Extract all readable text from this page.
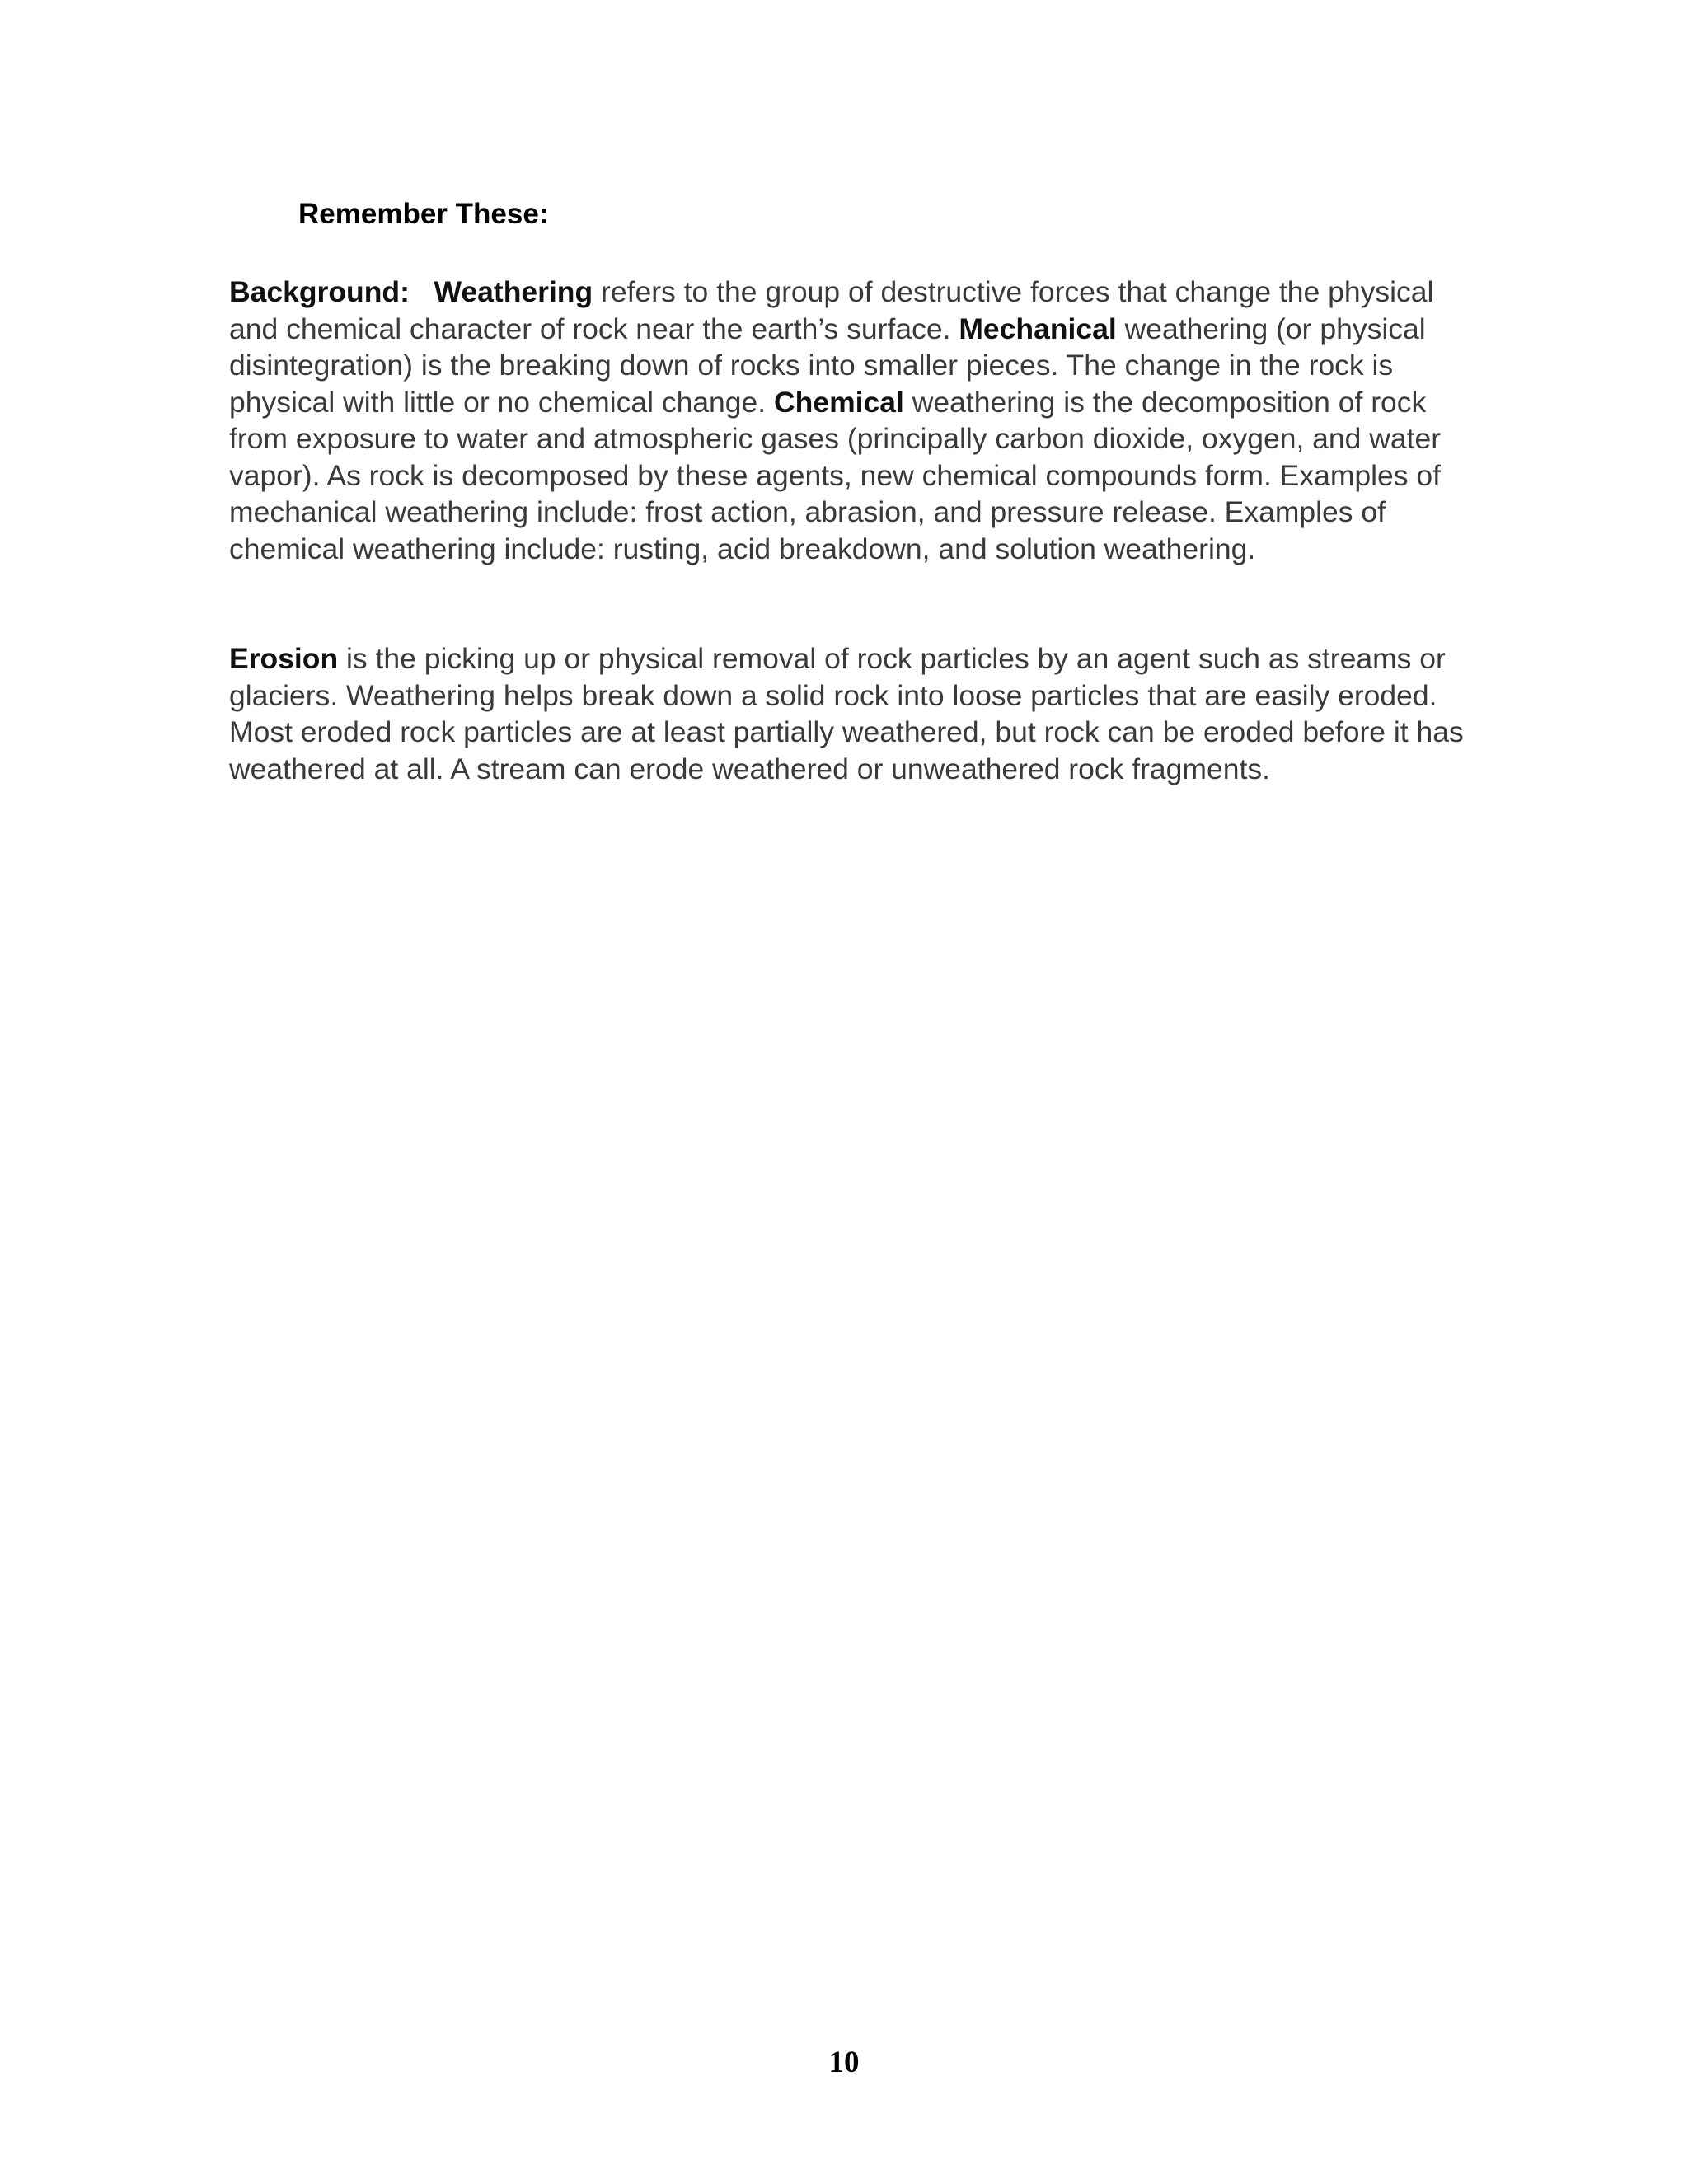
Remember These:

Background: Weathering refers to the group of destructive forces that change the physical and chemical character of rock near the earth’s surface. Mechanical weathering (or physical disintegration) is the breaking down of rocks into smaller pieces. The change in the rock is physical with little or no chemical change. Chemical weathering is the decomposition of rock from exposure to water and atmospheric gases (principally carbon dioxide, oxygen, and water vapor). As rock is decomposed by these agents, new chemical compounds form. Examples of mechanical weathering include: frost action, abrasion, and pressure release. Examples of chemical weathering include: rusting, acid breakdown, and solution weathering.

Erosion is the picking up or physical removal of rock particles by an agent such as streams or glaciers. Weathering helps break down a solid rock into loose particles that are easily eroded. Most eroded rock particles are at least partially weathered, but rock can be eroded before it has weathered at all. A stream can erode weathered or unweathered rock fragments.

10
